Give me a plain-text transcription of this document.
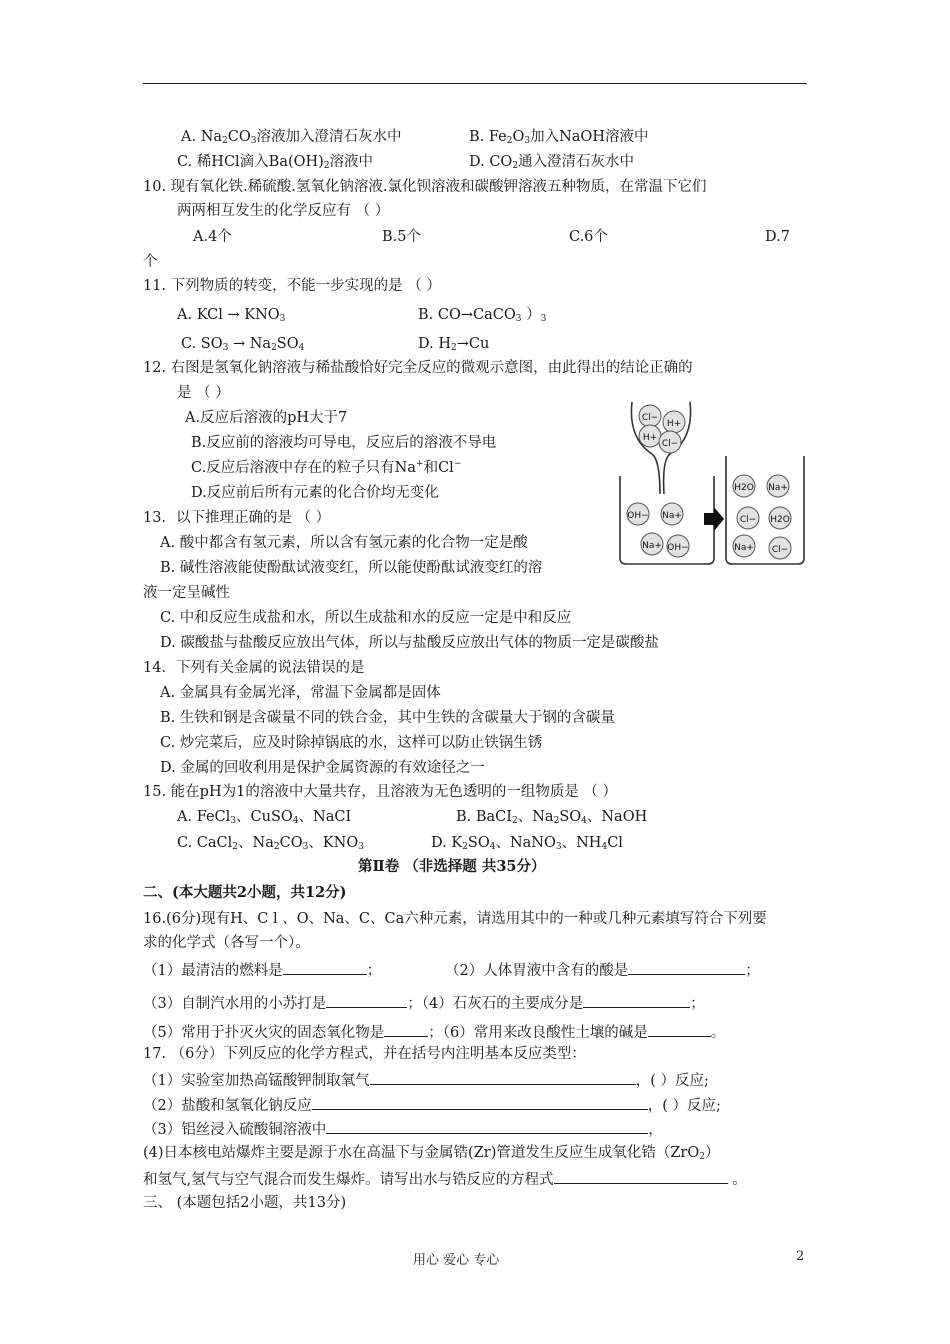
A. $Na_2CO_3$溶液加入澄清石灰水中	B. $Fe_2O_3$加入NaOH溶液中
C. 稀HCl滴入$Ba(OH)_2$溶液中	D. $CO_2$通入澄清石灰水中
10. 现有氧化铁.稀硫酸.氢氧化钠溶液.氯化钡溶液和碳酸钾溶液五种物质，在常温下它们
两两相互发生的化学反应有 （ ）
A.4个	B.5个	C.6个	D.7
个
11. 下列物质的转变，不能一步实现的是 （ ）
A. KCl → $KNO_3$	B. CO→CaCO$_3$ ）$_3$
C. $SO_3 \to Na_2SO_4$	D. $H_2\to Cu$
12. 右图是氢氧化钠溶液与稀盐酸恰好完全反应的微观示意图，由此得出的结论正确的
是 （ ）
A.反应后溶液的pH大于7
B.反应前的溶液均可导电，反应后的溶液不导电
C.反应后溶液中存在的粒子只有Na+和Cl−
D.反应前后所有元素的化合价均无变化
Cl−
H+
H+
Cl−
OH− Na+
Na+ OH−
H2O Na+
Cl− H2O
Na+ Cl−
13．以下推理正确的是 （ ）
A. 酸中都含有氢元素，所以含有氢元素的化合物一定是酸
B. 碱性溶液能使酚酞试液变红，所以能使酚酞试液变红的溶
液一定呈碱性
C. 中和反应生成盐和水，所以生成盐和水的反应一定是中和反应
D. 碳酸盐与盐酸反应放出气体，所以与盐酸反应放出气体的物质一定是碳酸盐
14．下列有关金属的说法错误的是
A. 金属具有金属光泽，常温下金属都是固体
B. 生铁和钢是含碳量不同的铁合金，其中生铁的含碳量大于钢的含碳量
C. 炒完菜后，应及时除掉锅底的水，这样可以防止铁锅生锈
D. 金属的回收利用是保护金属资源的有效途径之一
15. 能在pH为1的溶液中大量共存，且溶液为无色透明的一组物质是 （ ）
A. FeCl$_3$、CuSO$_4$、NaCI	B. BaCI$_2$、$Na_2SO_4$、NaOH
C. CaCl$_2$、$Na_2CO_3$、$KNO_3$	D. $K_2SO_4$、NaNO$_3$、$NH_4Cl$
第Ⅱ卷 （非选择题 共35分）
二、(本大题共2小题，共12分)
16.(6分)现有H、C l 、O、Na、C、Ca六种元素，请选用其中的一种或几种元素填写符合下列要
求的化学式（各写一个）。
（1）最清洁的燃料是	；	（2）人体胃液中含有的酸是	；
（3）自制汽水用的小苏打是	；（4）石灰石的主要成分是	；
（5）常用于扑灭火灾的固态氧化物是	；（6）常用来改良酸性土壤的碱是	。
17. （6分）下列反应的化学方程式，并在括号内注明基本反应类型：
（1）实验室加热高锰酸钾制取氧气	，( ）反应;
（2）盐酸和氢氧化钠反应	，( ）反应;
（3）铝丝浸入硫酸铜溶液中	，
(4)日本核电站爆炸主要是源于水在高温下与金属锆(Zr)管道发生反应生成氧化锆（ZrO$_2$）
和氢气,氢气与空气混合而发生爆炸。请写出水与锆反应的方程式	。
三、 (本题包括2小题，共13分)
用心 爱心 专心	2
